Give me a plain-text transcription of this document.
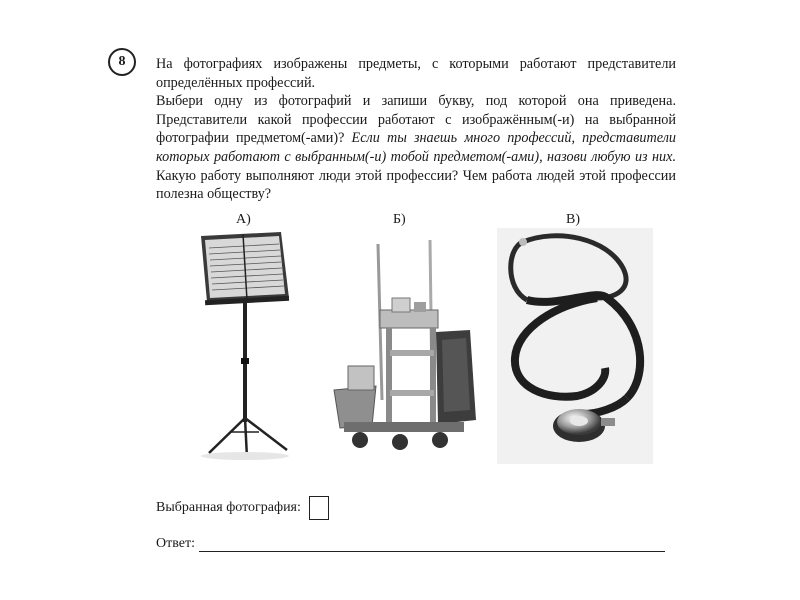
8 На фотографиях изображены предметы, с которыми работают представители определённых профессий.

Выбери одну из фотографий и запиши букву, под которой она приведена. Представители какой профессии работают с изображённым(-и) на выбранной фотографии предметом(-ами)? Если ты знаешь много профессий, представители которых работают с выбранным(-и) тобой предметом(-ами), назови любую из них. Какую работу выполняют люди этой профессии? Чем работа людей этой профессии полезна обществу?

А)	Б)	В)
Выбранная фотография:
Ответ:
